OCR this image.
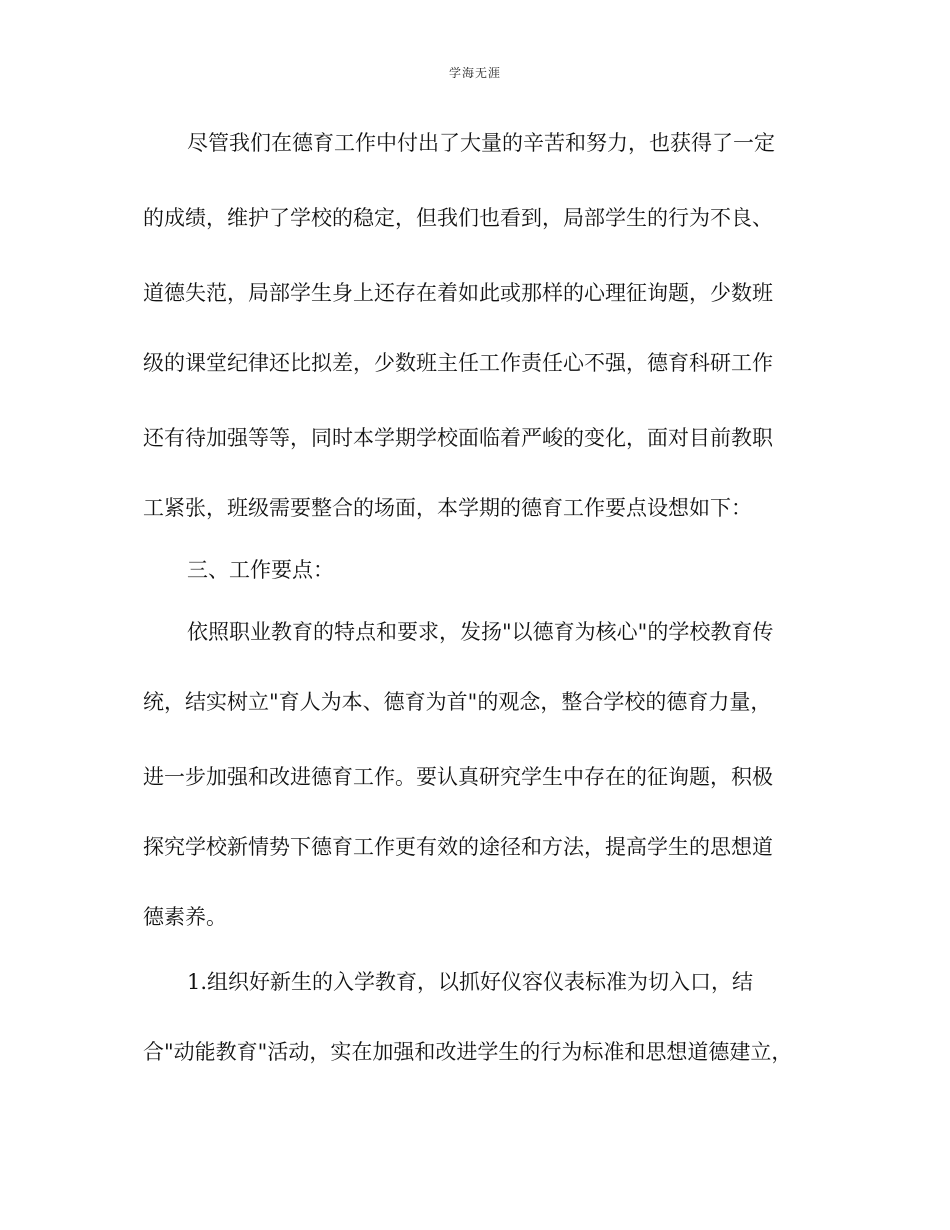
学海无涯
尽管我们在德育工作中付出了大量的辛苦和努力，也获得了一定
的成绩，维护了学校的稳定，但我们也看到，局部学生的行为不良、
道德失范，局部学生身上还存在着如此或那样的心理征询题，少数班
级的课堂纪律还比拟差，少数班主任工作责任心不强，德育科研工作
还有待加强等等，同时本学期学校面临着严峻的变化，面对目前教职
工紧张，班级需要整合的场面，本学期的德育工作要点设想如下：
三、工作要点：
依照职业教育的特点和要求，发扬"以德育为核心"的学校教育传
统，结实树立"育人为本、德育为首"的观念，整合学校的德育力量，
进一步加强和改进德育工作。要认真研究学生中存在的征询题，积极
探究学校新情势下德育工作更有效的途径和方法，提高学生的思想道
德素养。
1.组织好新生的入学教育，以抓好仪容仪表标准为切入口，结
合"动能教育"活动，实在加强和改进学生的行为标准和思想道德建立，
